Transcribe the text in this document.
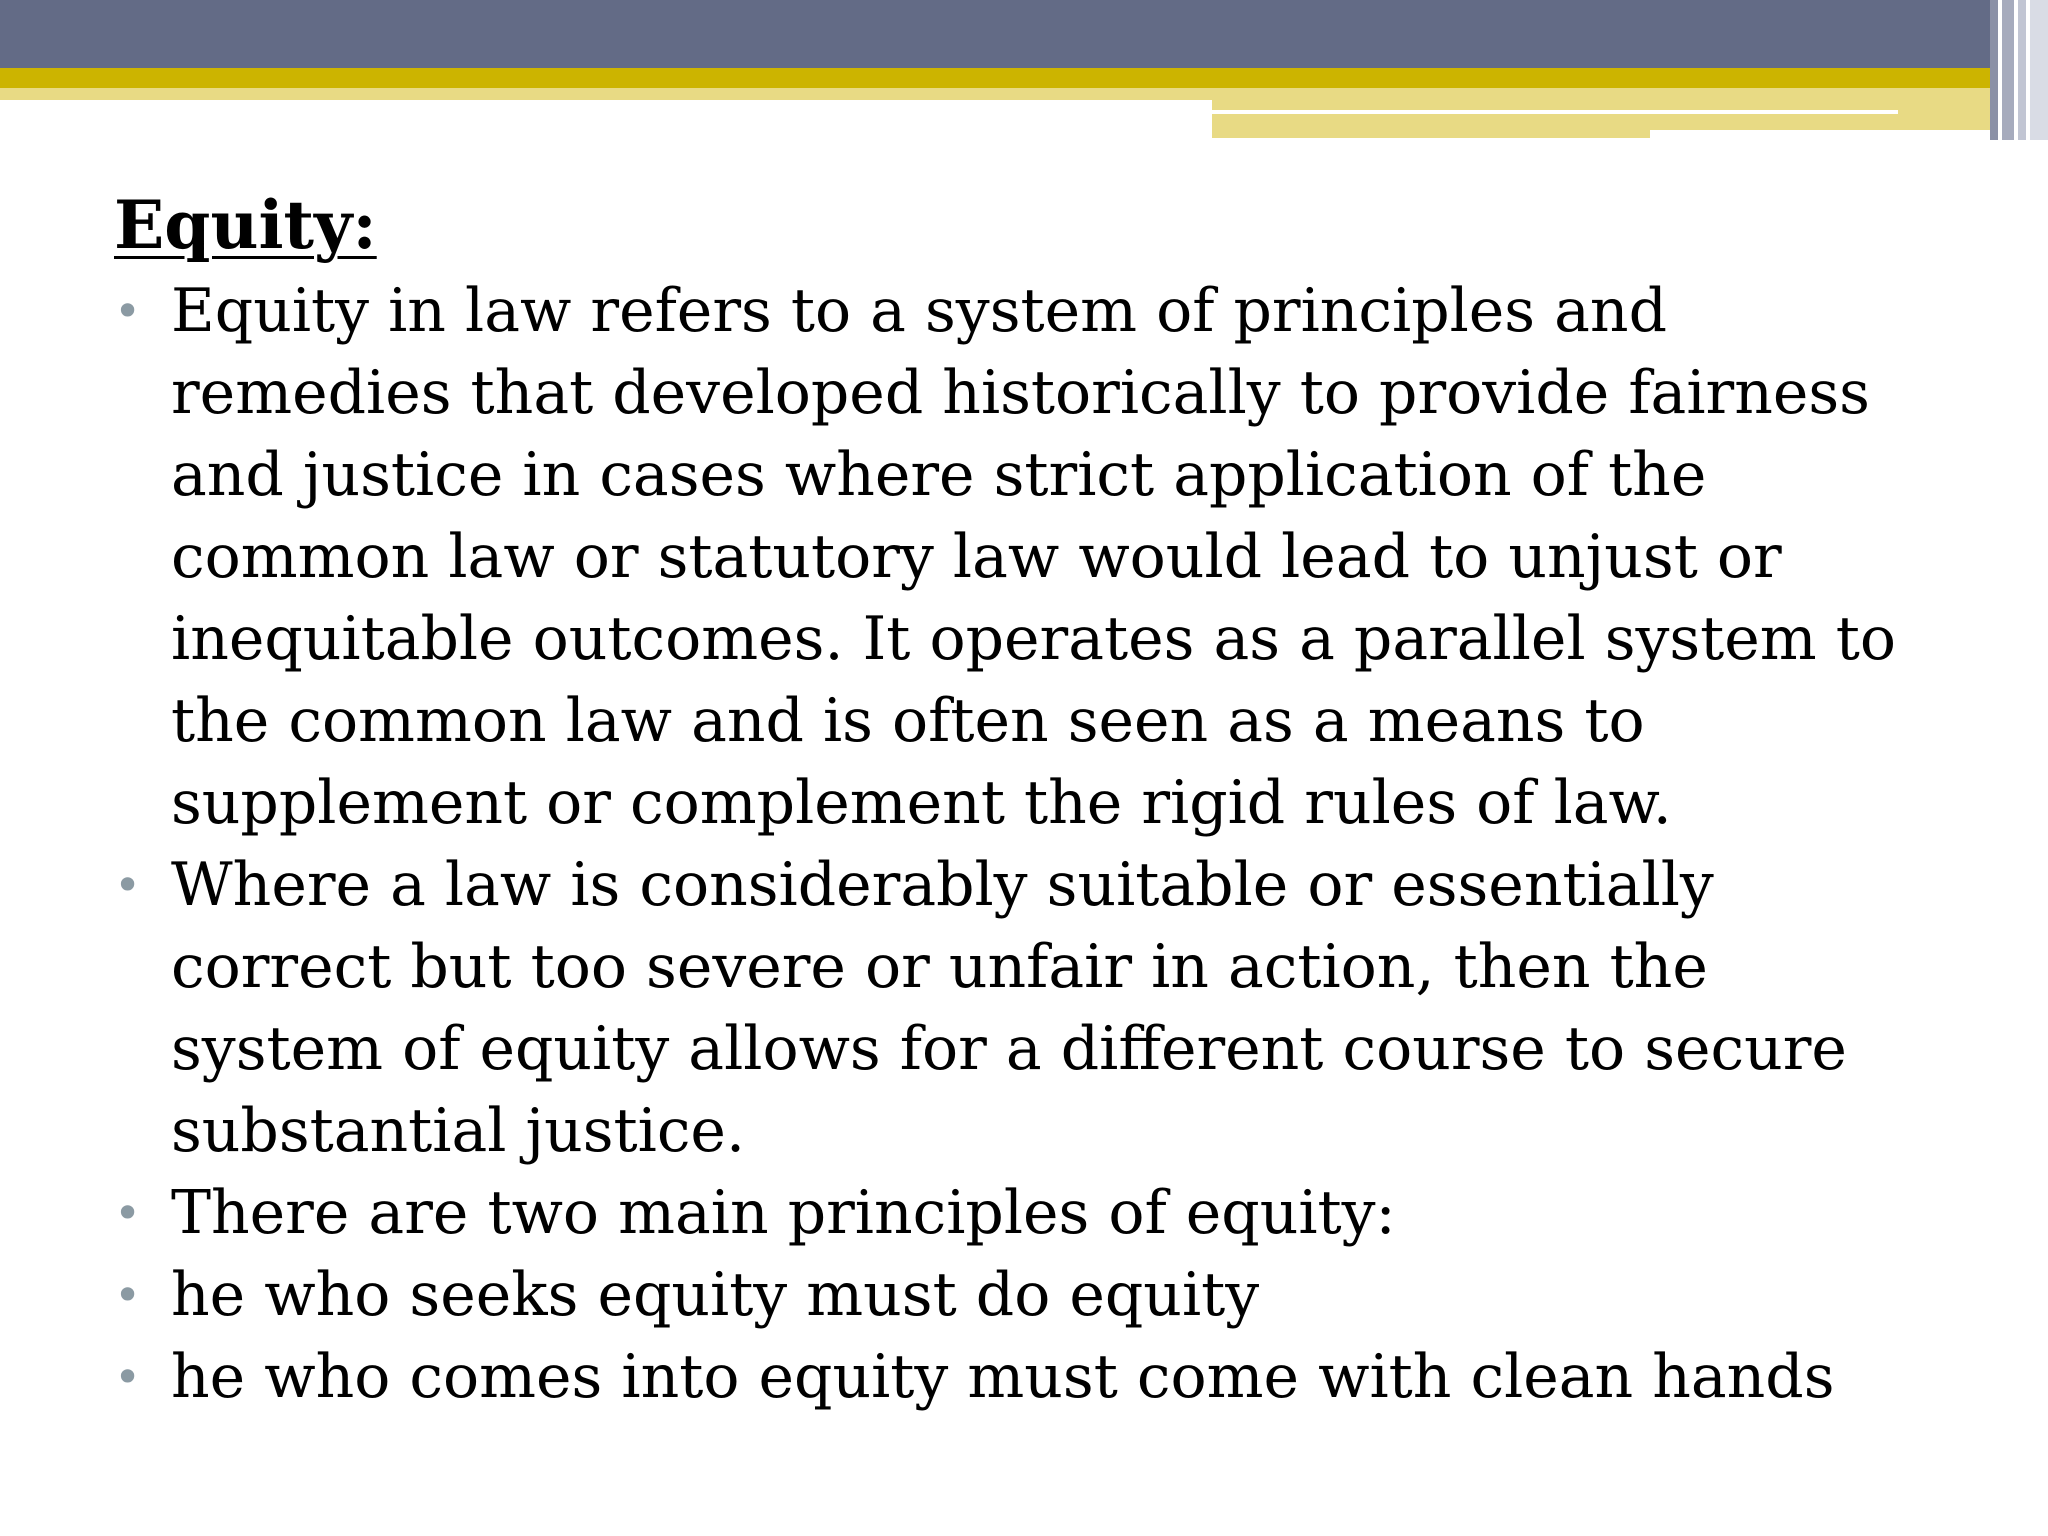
Equity:
• Equity in law refers to a system of principles and remedies that developed historically to provide fairness and justice in cases where strict application of the common law or statutory law would lead to unjust or inequitable outcomes. It operates as a parallel system to the common law and is often seen as a means to supplement or complement the rigid rules of law.
• Where a law is considerably suitable or essentially correct but too severe or unfair in action, then the system of equity allows for a different course to secure substantial justice.
• There are two main principles of equity:
• he who seeks equity must do equity
• he who comes into equity must come with clean hands
